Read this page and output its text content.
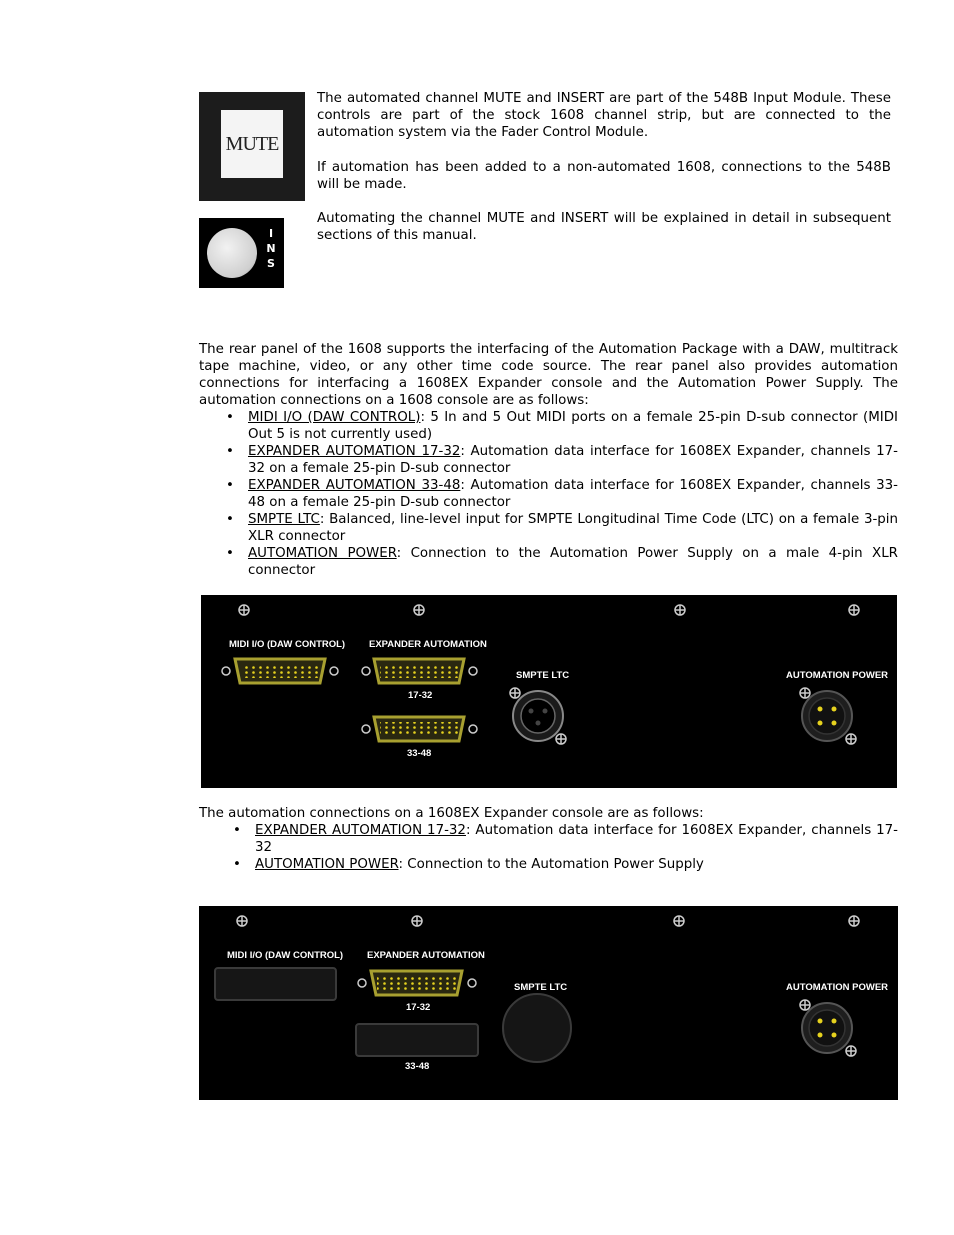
MUTE
I
N
S

The automated channel MUTE and INSERT are part of the 548B Input Module. These controls are part of the stock 1608 channel strip, but are connected to the automation system via the Fader Control Module.

If automation has been added to a non-automated 1608, connections to the 548B will be made.

Automating the channel MUTE and INSERT will be explained in detail in subsequent sections of this manual.

The rear panel of the 1608 supports the interfacing of the Automation Package with a DAW, multitrack tape machine, video, or any other time code source. The rear panel also provides automation connections for interfacing a 1608EX Expander console and the Automation Power Supply. The automation connections on a 1608 console are as follows:

• MIDI I/O (DAW CONTROL): 5 In and 5 Out MIDI ports on a female 25-pin D-sub connector (MIDI Out 5 is not currently used)
• EXPANDER AUTOMATION 17-32: Automation data interface for 1608EX Expander, channels 17-32 on a female 25-pin D-sub connector
• EXPANDER AUTOMATION 33-48: Automation data interface for 1608EX Expander, channels 33-48 on a female 25-pin D-sub connector
• SMPTE LTC: Balanced, line-level input for SMPTE Longitudinal Time Code (LTC) on a female 3-pin XLR connector
• AUTOMATION POWER: Connection to the Automation Power Supply on a male 4-pin XLR connector
MIDI I/O (DAW CONTROL)	EXPANDER AUTOMATION
17-32
33-48
SMPTE LTC	AUTOMATION POWER

The automation connections on a 1608EX Expander console are as follows:

• EXPANDER AUTOMATION 17-32: Automation data interface for 1608EX Expander, channels 17-32
• AUTOMATION POWER: Connection to the Automation Power Supply
MIDI I/O (DAW CONTROL)	EXPANDER AUTOMATION
17-32
33-48
SMPTE LTC	AUTOMATION POWER
